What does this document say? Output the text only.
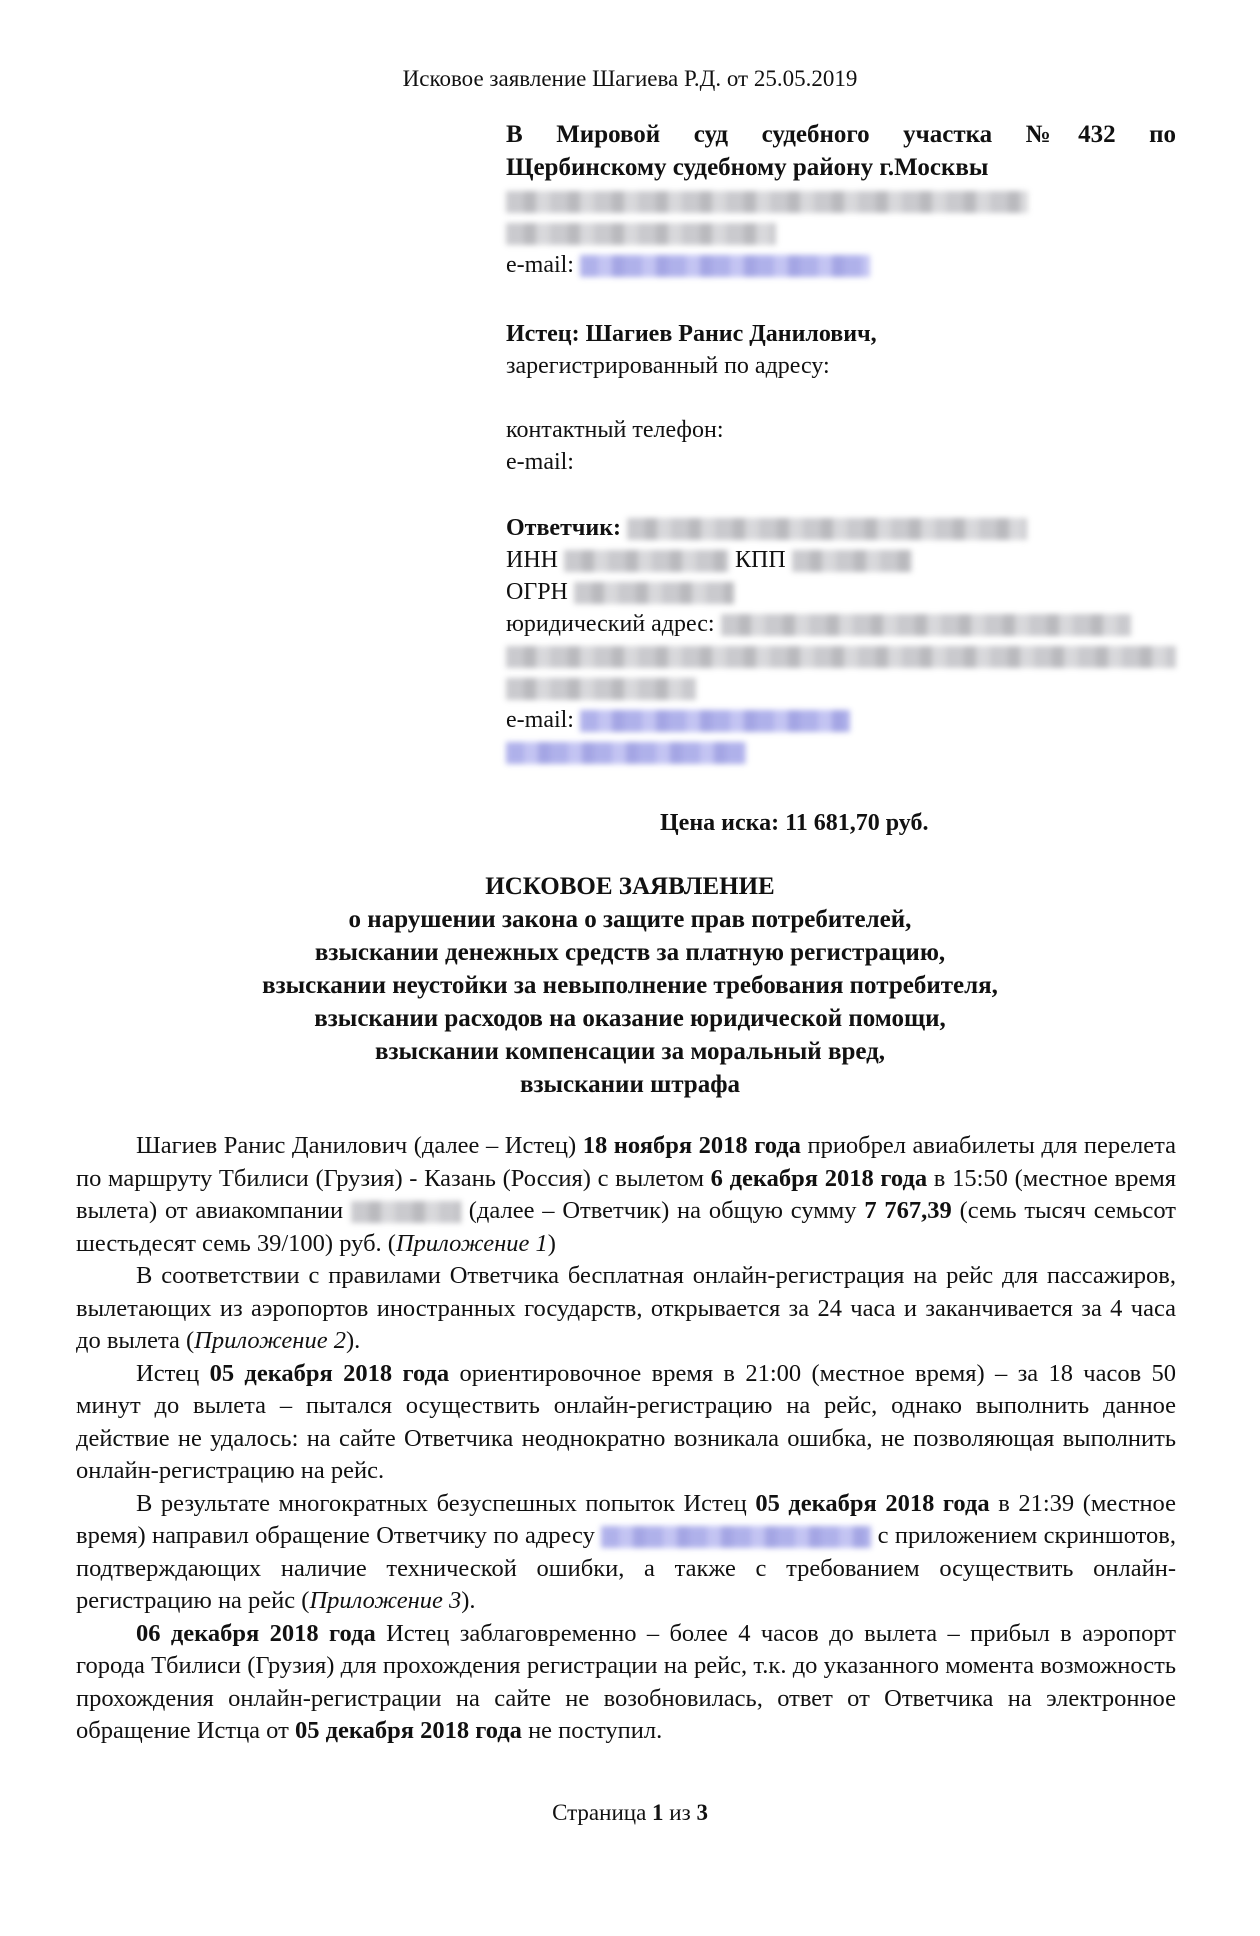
Исковое заявление Шагиева Р.Д. от 25.05.2019
В Мировой суд судебного участка №432 по
Щербинскому судебному району г.Москвы
e-mail:
Истец: Шагиев Ранис Данилович,
зарегистрированный по адресу:
контактный телефон:
e-mail:
Ответчик:
ИНН	КПП
ОГРН
юридический адрес:
e-mail:
Цена иска: 11 681,70 руб.
ИСКОВОЕ ЗАЯВЛЕНИЕ
о нарушении закона о защите прав потребителей,
взыскании денежных средств за платную регистрацию,
взыскании неустойки за невыполнение требования потребителя,
взыскании расходов на оказание юридической помощи,
взыскании компенсации за моральный вред,
взыскании штрафа

Шагиев Ранис Данилович (далее – Истец) 18 ноября 2018 года приобрел авиабилеты для перелета по маршруту Тбилиси (Грузия) - Казань (Россия) с вылетом 6 декабря 2018 года в 15:50 (местное время вылета) от авиакомпании	(далее – Ответчик) на общую сумму 7 767,39 (семь тысяч семьсот шестьдесят семь 39/100) руб. (Приложение 1)

В соответствии с правилами Ответчика бесплатная онлайн-регистрация на рейс для пассажиров, вылетающих из аэропортов иностранных государств, открывается за 24 часа и заканчивается за 4 часа до вылета (Приложение 2).

Истец 05 декабря 2018 года ориентировочное время в 21:00 (местное время) – за 18 часов 50 минут до вылета – пытался осуществить онлайн-регистрацию на рейс, однако выполнить данное действие не удалось: на сайте Ответчика неоднократно возникала ошибка, не позволяющая выполнить онлайн-регистрацию на рейс.

В результате многократных безуспешных попыток Истец 05 декабря 2018 года в 21:39 (местное время) направил обращение Ответчику по адресу	с приложением скриншотов, подтверждающих наличие технической ошибки, а также с требованием осуществить онлайн-регистрацию на рейс (Приложение 3).

06 декабря 2018 года Истец заблаговременно – более 4 часов до вылета – прибыл в аэропорт города Тбилиси (Грузия) для прохождения регистрации на рейс, т.к. до указанного момента возможность прохождения онлайн-регистрации на сайте не возобновилась, ответ от Ответчика на электронное обращение Истца от 05 декабря 2018 года не поступил.

Страница 1 из 3
